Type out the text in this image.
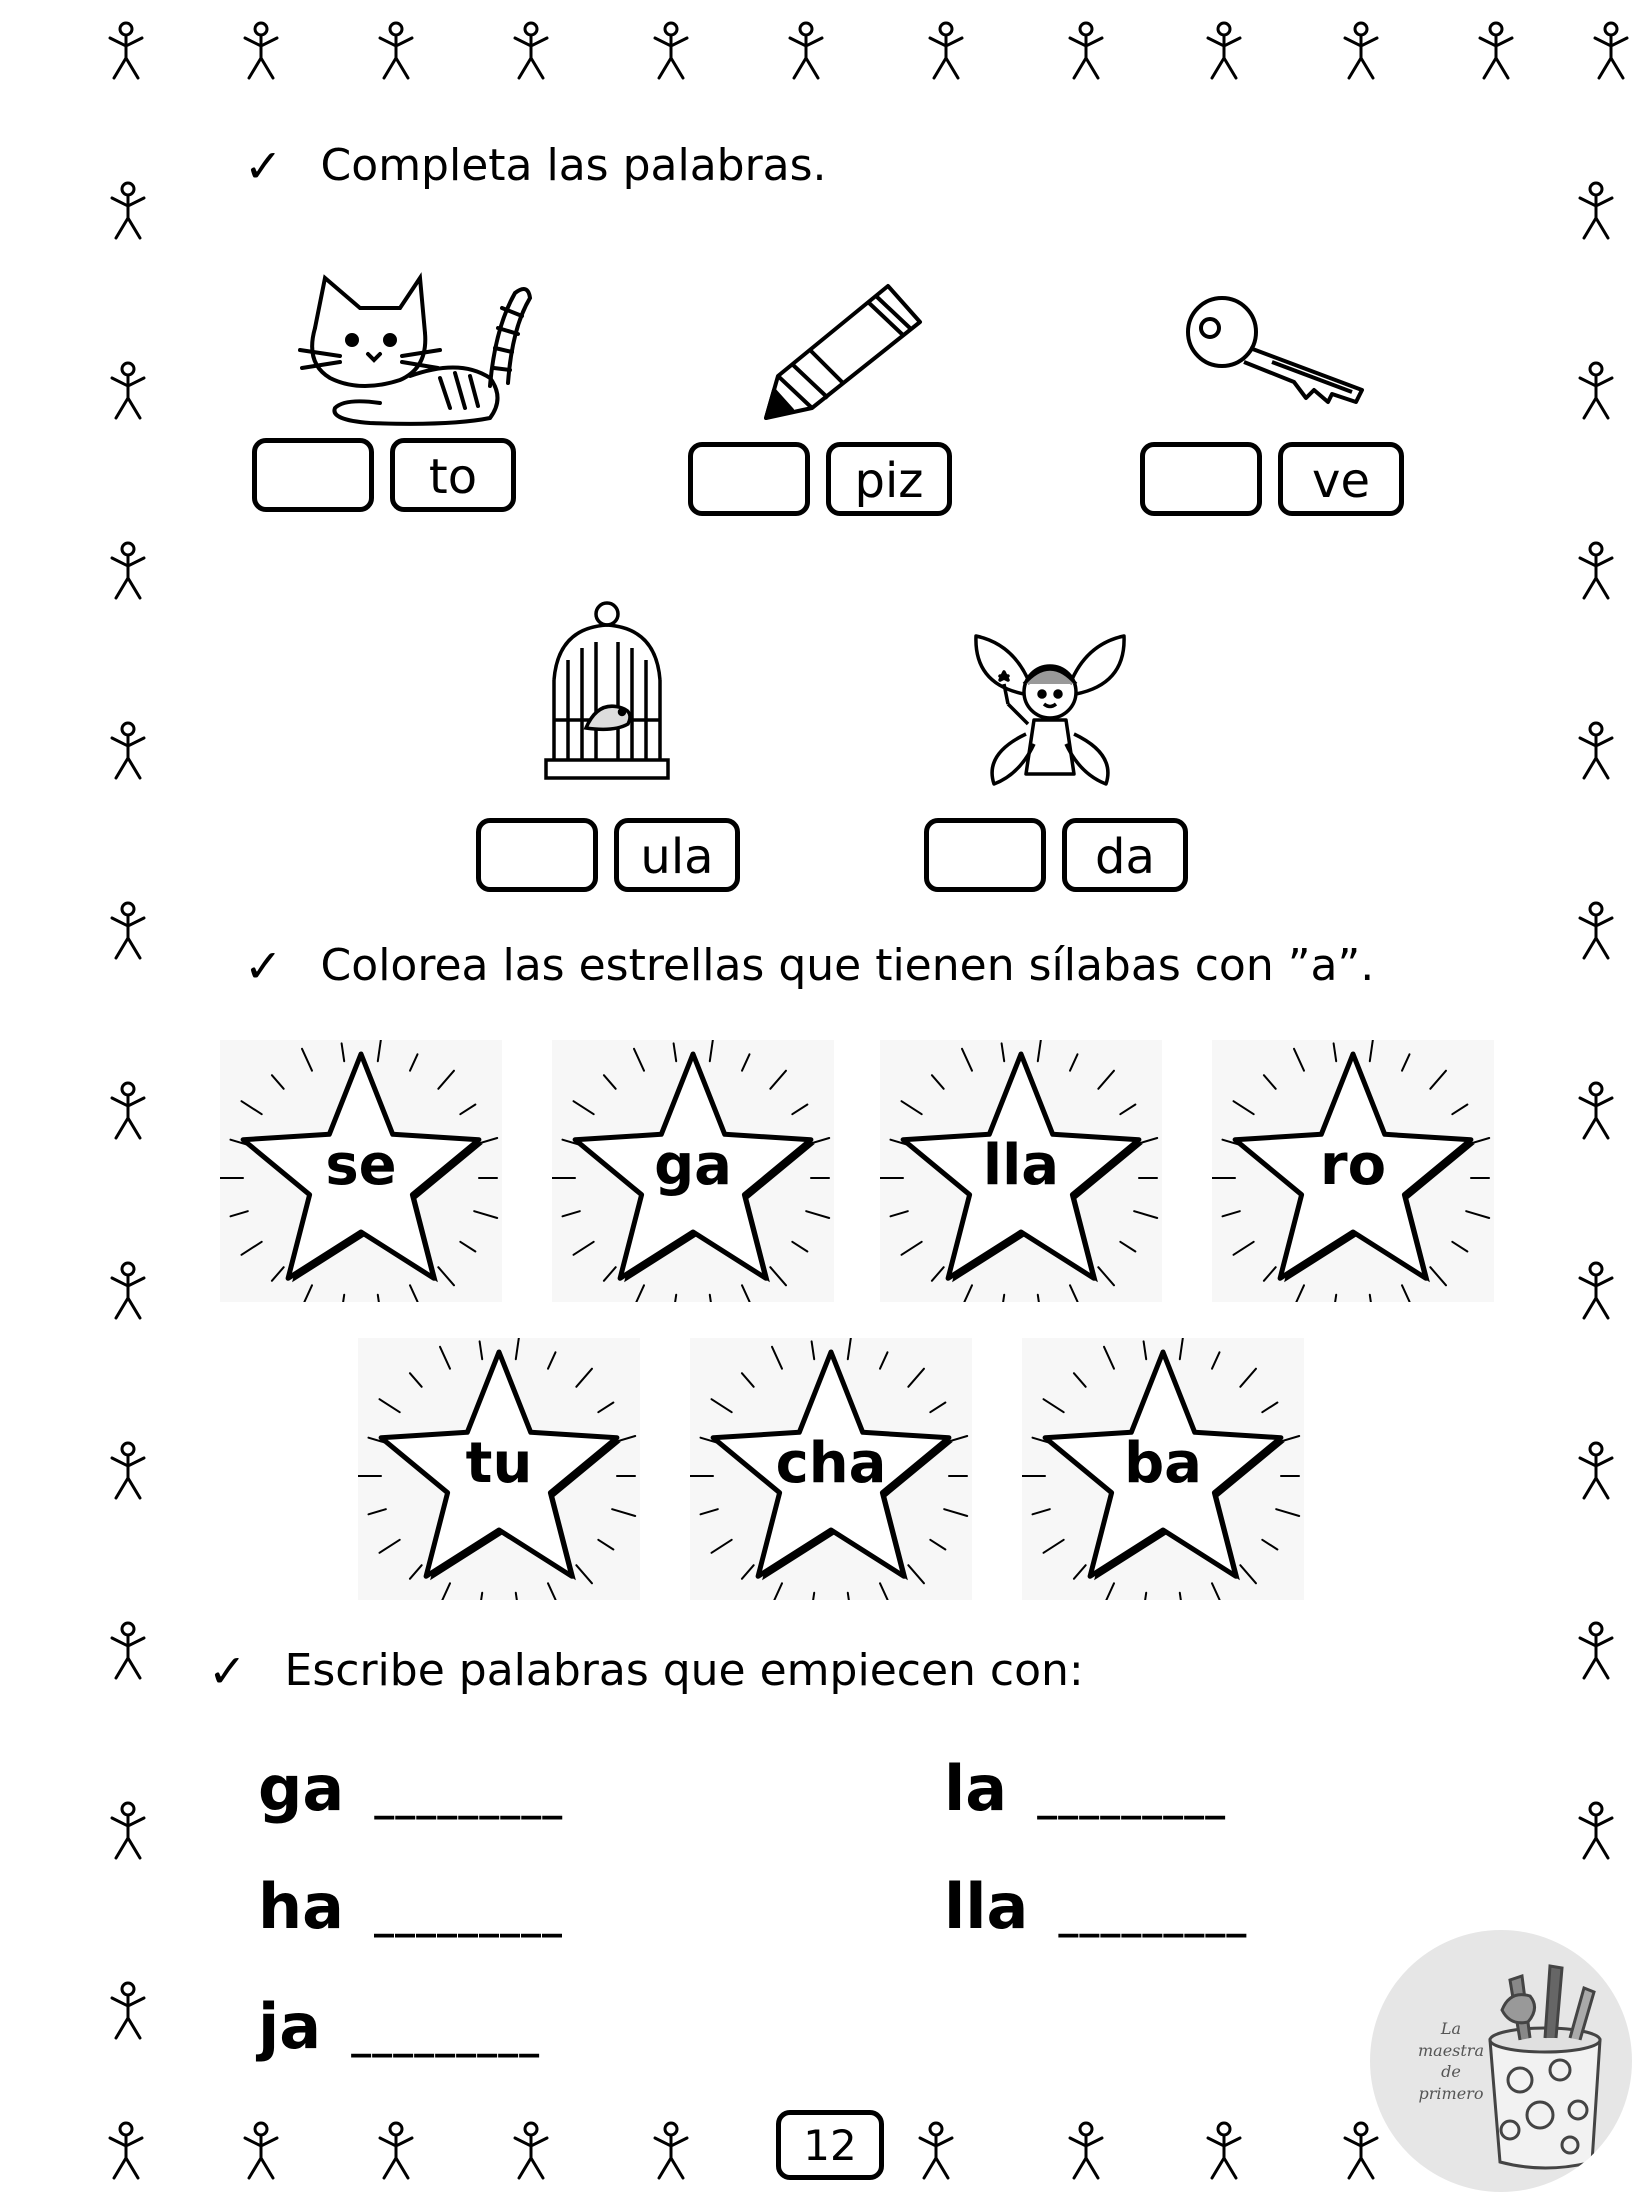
✓ Completa las palabras.
to	piz	ve
ula	da
✓ Colorea las estrellas que tienen sílabas con ”a”.
se	ga	lla	ro
tu	cha	ba
✓ Escribe palabras que empiecen con:
ga _________
ha _________
ja _________
la _________
lla _________
12
La
maestra
de
primero
